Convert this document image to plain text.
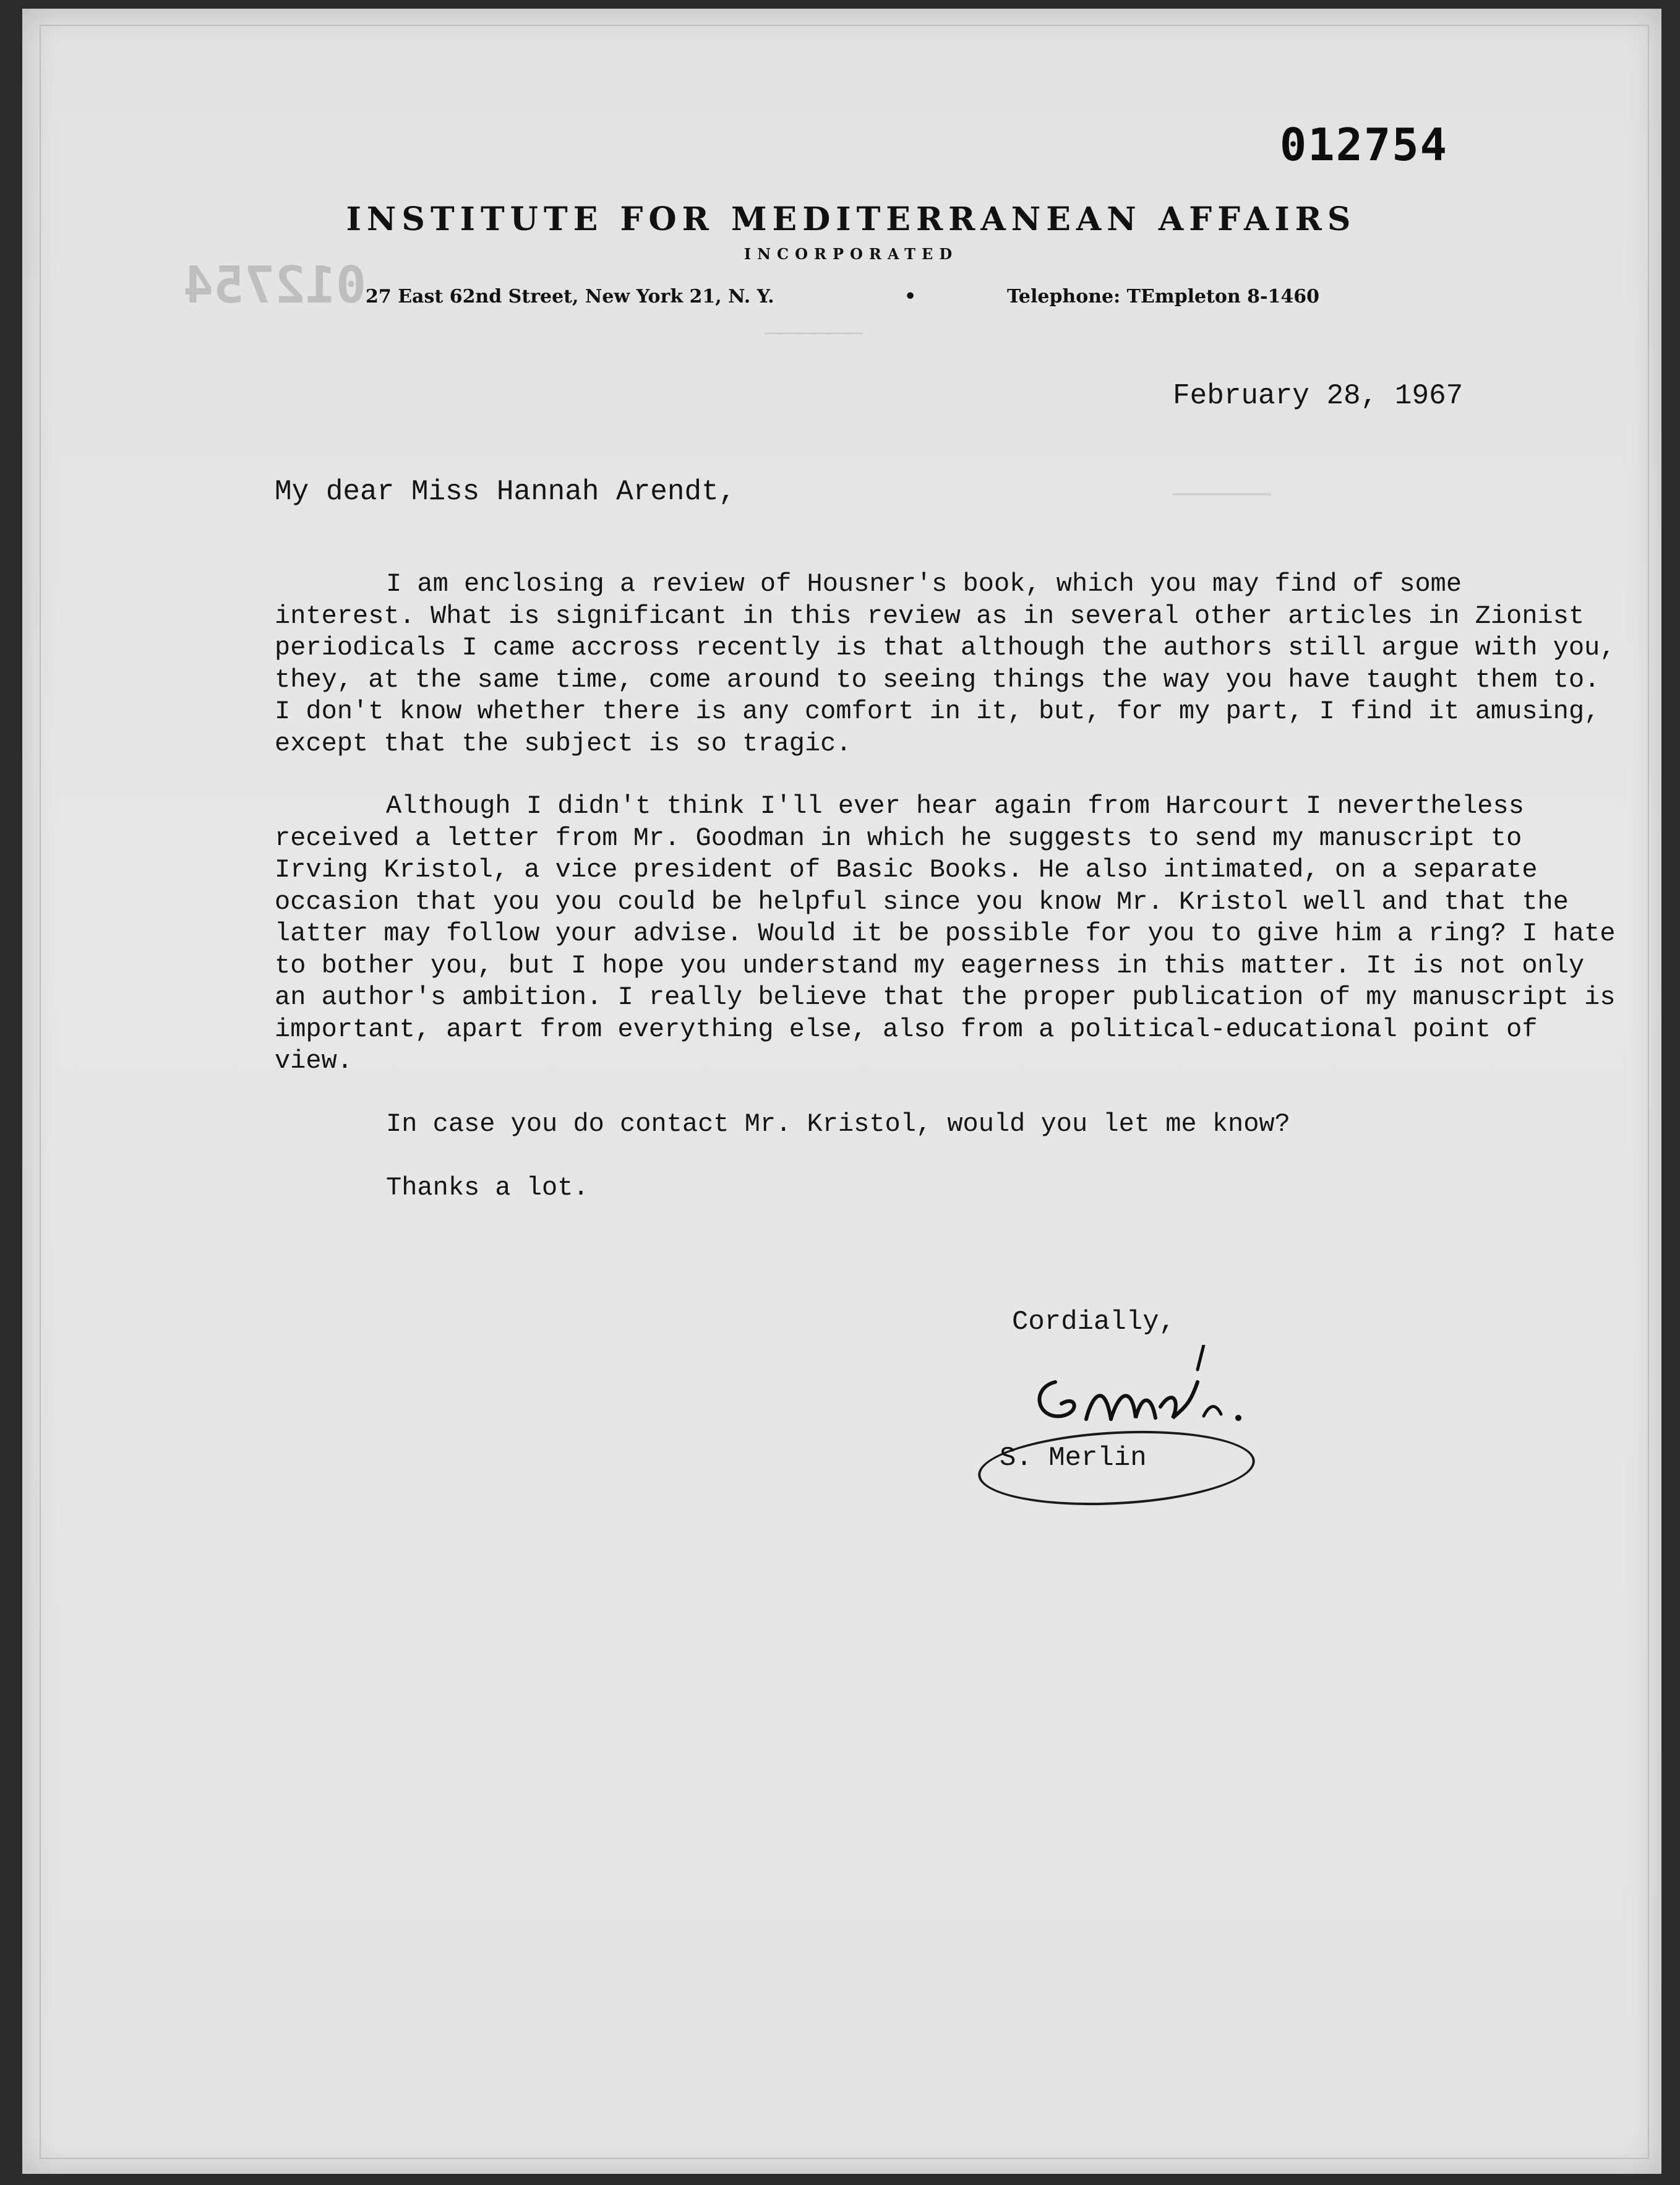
012754
012754
——————
——————
INSTITUTE FOR MEDITERRANEAN AFFAIRS
INCORPORATED
27 East 62nd Street, New York 21, N. Y.	•	Telephone: TEmpleton 8-1460
February 28, 1967
My dear Miss Hannah Arendt,

I am enclosing a review of Housner's book, which you may find of some interest. What is significant in this review as in several other articles in Zionist periodicals I came accross recently is that although the authors still argue with you, they, at the same time, come around to seeing things the way you have taught them to. I don't know whether there is any comfort in it, but, for my part, I find it amusing, except that the subject is so tragic.

Although I didn't think I'll ever hear again from Harcourt I nevertheless received a letter from Mr. Goodman in which he suggests to send my manuscript to Irving Kristol, a vice president of Basic Books. He also intimated, on a separate occasion that you you could be helpful since you know Mr. Kristol well and that the latter may follow your advise. Would it be possible for you to give him a ring? I hate to bother you, but I hope you understand my eagerness in this matter. It is not only an author's ambition. I really believe that the proper publication of my manuscript is important, apart from everything else, also from a political-educational point of view.

In case you do contact Mr. Kristol, would you let me know?

Thanks a lot.

Cordially,
S. Merlin
